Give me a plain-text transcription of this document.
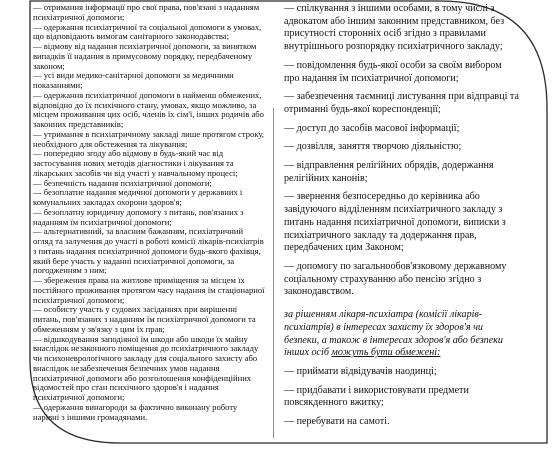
— отримання інформації про свої права, пов'язані з наданням психіатричної допомоги;

— одержання психіатричної та соціальної допомоги в умовах, що відповідають вимогам санітарного законодавства;

— відмову від надання психіатричної допомоги, за винятком випадків її надання в примусовому порядку, передбаченому законом;

— усі види медико-санітарної допомоги за медичними показаннями;

— одержання психіатричної допомоги в найменш обмежених, відповідно до їх психічного стану, умовах, якщо можливо, за місцем проживання цих осіб, членів їх сім'ї, інших родичів або законних представників;

— утримання в психіатричному закладі лише протягом строку, необхідного для обстеження та лікування;

— попередню згоду або відмову в будь-який час від застосування нових методів діагностики і лікування та лікарських засобів чи від участі у навчальному процесі;

— безпечність надання психіатричної допомоги;

— безоплатне надання медичної допомоги у державних і комунальних закладах охорони здоров'я;

— безоплатну юридичну допомогу з питань, пов'язаних з наданням їм психіатричної допомоги;

— альтернативний, за власним бажанням, психіатричний огляд та залучення до участі в роботі комісії лікарів-психіатрів з питань надання психіатричної допомоги будь-якого фахівця, який бере участь у наданні психіатричної допомоги, за погодженням з ним;

— збереження права на житлове приміщення за місцем їх постійного проживання протягом часу надання їм стаціонарної психіатричної допомоги;

— особисту участь у судових засіданнях при вирішенні питань, пов'язаних з наданням їм психіатричної допомоги та обмеженням у зв'язку з цим їх прав;

— відшкодування заподіяної їм шкоди або шкоди їх майну внаслідок незаконного поміщення до психіатричного закладу чи психоневрологічного закладу для соціального захисту або внаслідок незабезпечення безпечних умов надання психіатричної допомоги або розголошення конфіденційних відомостей про стан психічного здоров'я і надання психіатричної допомоги;

— одержання винагороди за фактично виконану роботу нарівні з іншими громадянами.

— спілкування з іншими особами, в тому числі з адвокатом або іншим законним представником, без присутності сторонніх осіб згідно з правилами внутрішнього розпорядку психіатричного закладу;

— повідомлення будь-якої особи за своїм вибором про надання їм психіатричної допомоги;

— забезпечення таємниці листування при відправці та отриманні будь-якої кореспонденції;

— доступ до засобів масової інформації;

— дозвілля, заняття творчою діяльністю;

— відправлення релігійних обрядів, додержання релігійних канонів;

— звернення безпосередньо до керівника або завідуючого відділенням психіатричного закладу з питань надання психіатричної допомоги, виписки з психіатричного закладу та додержання прав, передбачених цим Законом;

— допомогу по загальнообов'язковому державному соціальному страхуванню або пенсію згідно з законодавством.

за рішенням лікаря-психіатра (комісії лікарів-психіатрів) в інтересах захисту їх здоров'я чи безпеки, а також в інтересах здоров'я або безпеки інших осіб можуть бути обмежені:

— приймати відвідувачів наодинці;

— придбавати і використовувати предмети повсякденного вжитку;

— перебувати на самоті.
